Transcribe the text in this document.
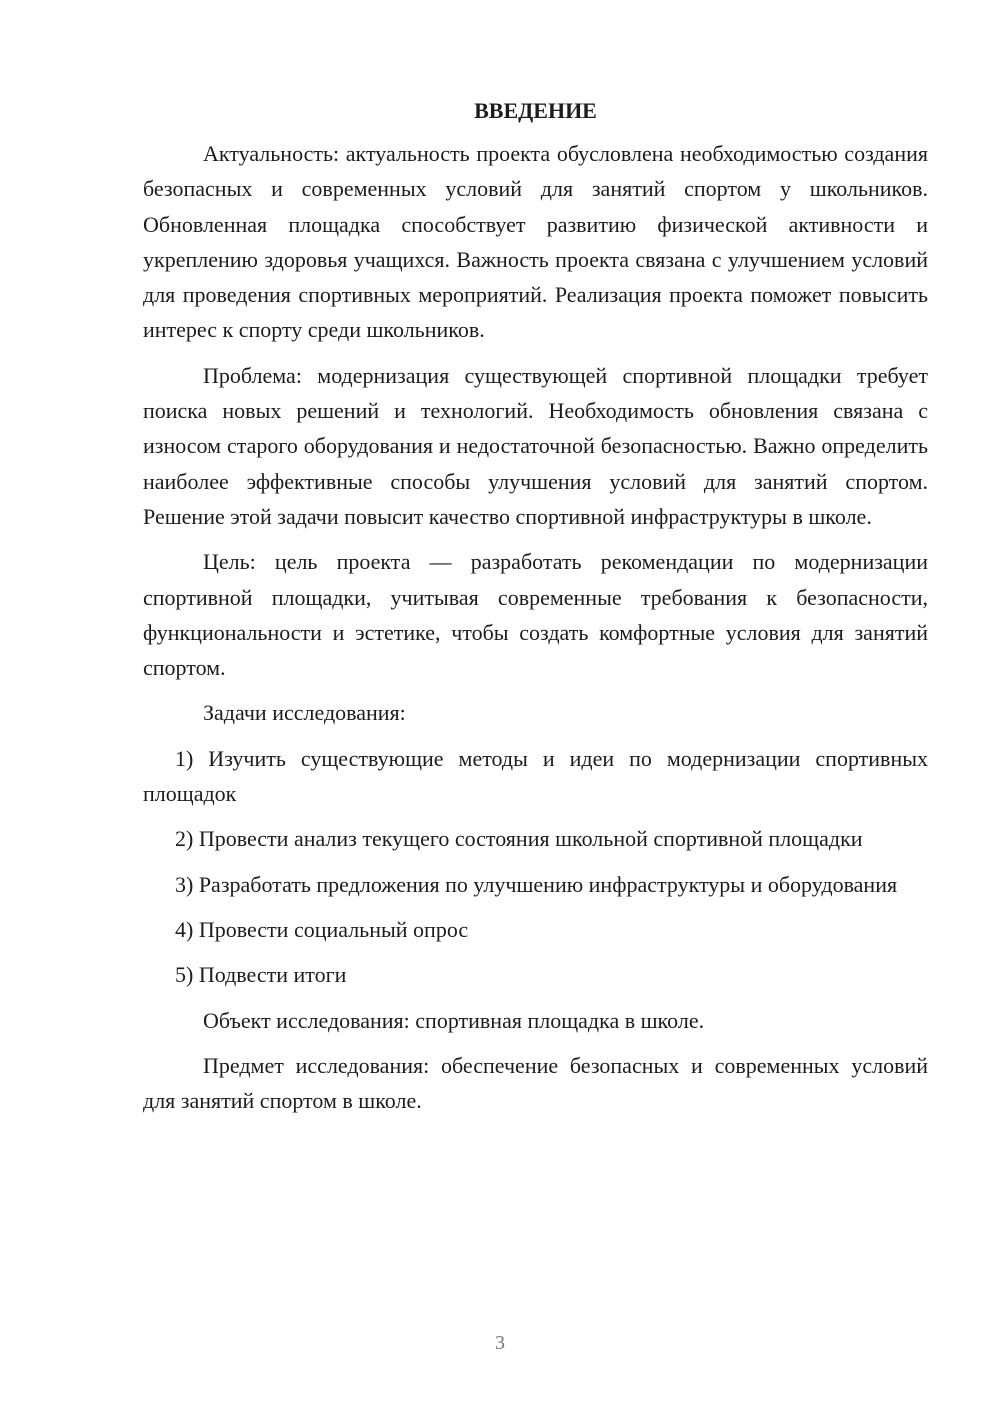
ВВЕДЕНИЕ

Актуальность: актуальность проекта обусловлена необходимостью создания безопасных и современных условий для занятий спортом у школьников. Обновленная площадка способствует развитию физической активности и укреплению здоровья учащихся. Важность проекта связана с улучшением условий для проведения спортивных мероприятий. Реализация проекта поможет повысить интерес к спорту среди школьников.

Проблема: модернизация существующей спортивной площадки требует поиска новых решений и технологий. Необходимость обновления связана с износом старого оборудования и недостаточной безопасностью. Важно определить наиболее эффективные способы улучшения условий для занятий спортом. Решение этой задачи повысит качество спортивной инфраструктуры в школе.

Цель: цель проекта — разработать рекомендации по модернизации спортивной площадки, учитывая современные требования к безопасности, функциональности и эстетике, чтобы создать комфортные условия для занятий спортом.

Задачи исследования:

1) Изучить существующие методы и идеи по модернизации спортивных площадок

2) Провести анализ текущего состояния школьной спортивной площадки

3) Разработать предложения по улучшению инфраструктуры и оборудования

4) Провести социальный опрос

5) Подвести итоги

Объект исследования: спортивная площадка в школе.

Предмет исследования: обеспечение безопасных и современных условий для занятий спортом в школе.

3
